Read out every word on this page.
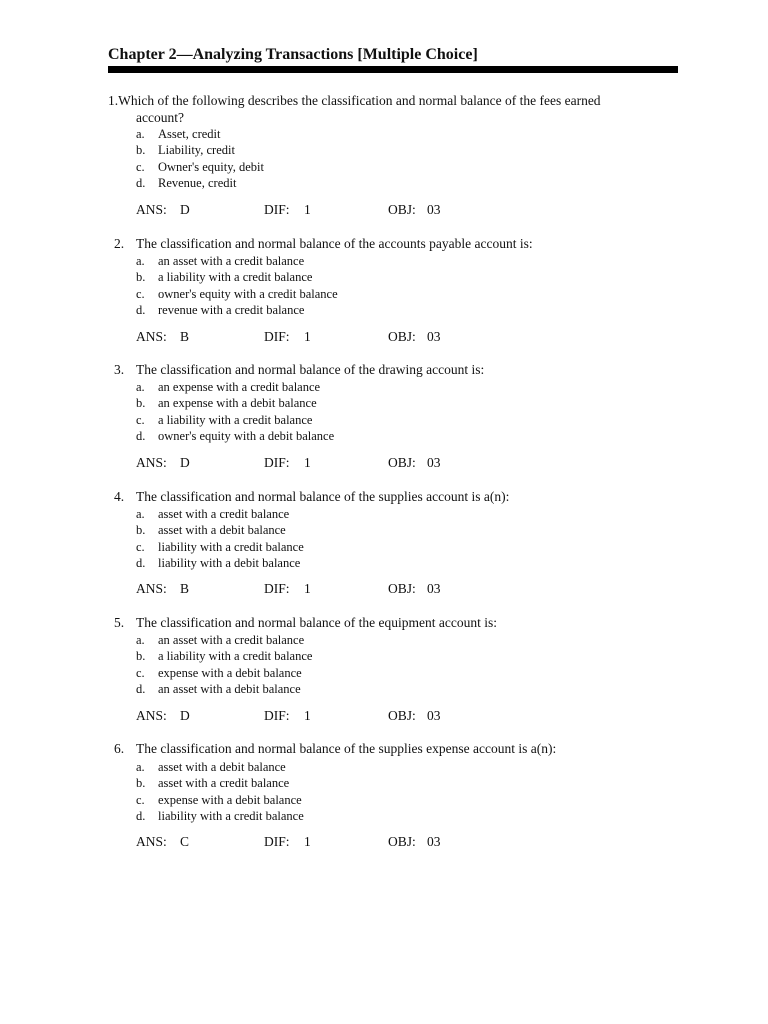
Chapter 2—Analyzing Transactions [Multiple Choice]
1.Which of the following describes the classification and normal balance of the fees earned
account?
a. Asset, credit
b. Liability, credit
c. Owner's equity, debit
d. Revenue, credit
ANS: D	DIF: 1	OBJ: 03
2. The classification and normal balance of the accounts payable account is:
a. an asset with a credit balance
b. a liability with a credit balance
c. owner's equity with a credit balance
d. revenue with a credit balance
ANS: B	DIF: 1	OBJ: 03
3. The classification and normal balance of the drawing account is:
a. an expense with a credit balance
b. an expense with a debit balance
c. a liability with a credit balance
d. owner's equity with a debit balance
ANS: D	DIF: 1	OBJ: 03
4. The classification and normal balance of the supplies account is a(n):
a. asset with a credit balance
b. asset with a debit balance
c. liability with a credit balance
d. liability with a debit balance
ANS: B	DIF: 1	OBJ: 03
5. The classification and normal balance of the equipment account is:
a. an asset with a credit balance
b. a liability with a credit balance
c. expense with a debit balance
d. an asset with a debit balance
ANS: D	DIF: 1	OBJ: 03
6. The classification and normal balance of the supplies expense account is a(n):
a. asset with a debit balance
b. asset with a credit balance
c. expense with a debit balance
d. liability with a credit balance
ANS: C	DIF: 1	OBJ: 03
